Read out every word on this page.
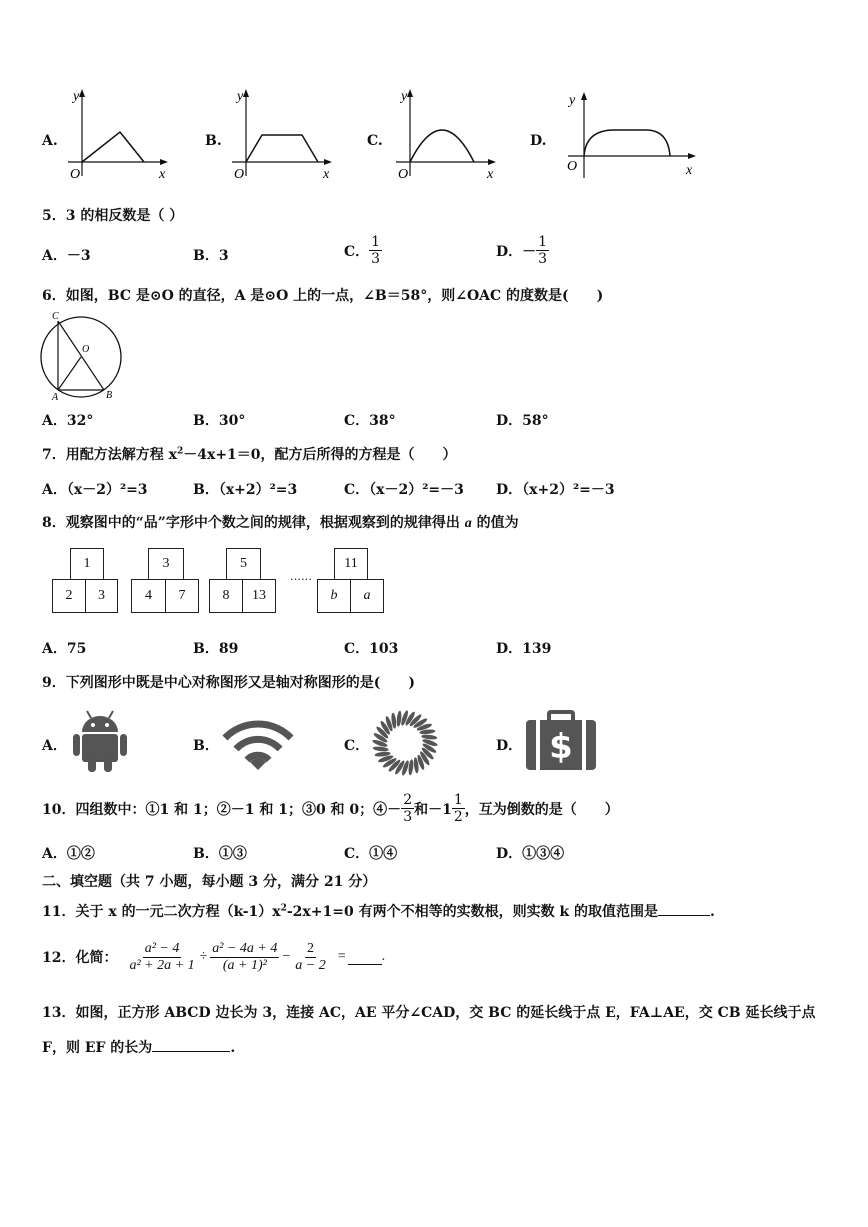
A.
y
x
O
B.
y
x
O
C.
y
x
O
D.
y
x
O
5．3 的相反数是（ ）
A．－3	B．3	C． $\frac{1}{3}$	D．－ $\frac{1}{3}$
6．如图，BC 是⊙O 的直径，A 是⊙O 上的一点，∠B＝58°，则∠OAC 的度数是(　　)
C
O
A	B
A．32°	B．30°	C．38°	D．58°
7．用配方法解方程 $x^2-4x+1=0$，配方后所得的方程是（　　）
A．（x－2）²=3	B．（x+2）²=3	C．（x－2）²=－3 D．（x+2）²=－3
8．观察图中的“品”字形中个数之间的规律，根据观察到的规律得出 a 的值为
1
2	3
3
4	7
5
8	13
……
11
b	a
A．75	B．89	C．103	D．139
9．下列图形中既是中心对称图形又是轴对称图形的是(　　)
A．	B．	C．	D． $
10．四组数中：①1 和 1；②－1 和 1；③0 和 0；④－ $\frac{2}{3}$ 和$-1 \frac{1}{2}$ ，互为倒数的是（　　）
A．①②	B．①③	C．①④	D．①③④
二、填空题（共 7 小题，每小题 3 分，满分 21 分）
11．关于 x 的一元二次方程$(k-1)x^2-2x+1=0$ 有两个不相等的实数根，则实数 k 的取值范围是	.
12．化简： $\frac{\text{a² − 4}}{\text{a² + 2a + 1}} \div \frac{\text{a² − 4a + 4}}{\text{(a + 1)²}} - \frac{2}{a - 2}$ =	.
13．如图，正方形 ABCD 边长为 3，连接 AC，AE 平分∠CAD，交 BC 的延长线于点 E，FA⊥AE，交 CB 延长线于点
F，则 EF 的长为	.
